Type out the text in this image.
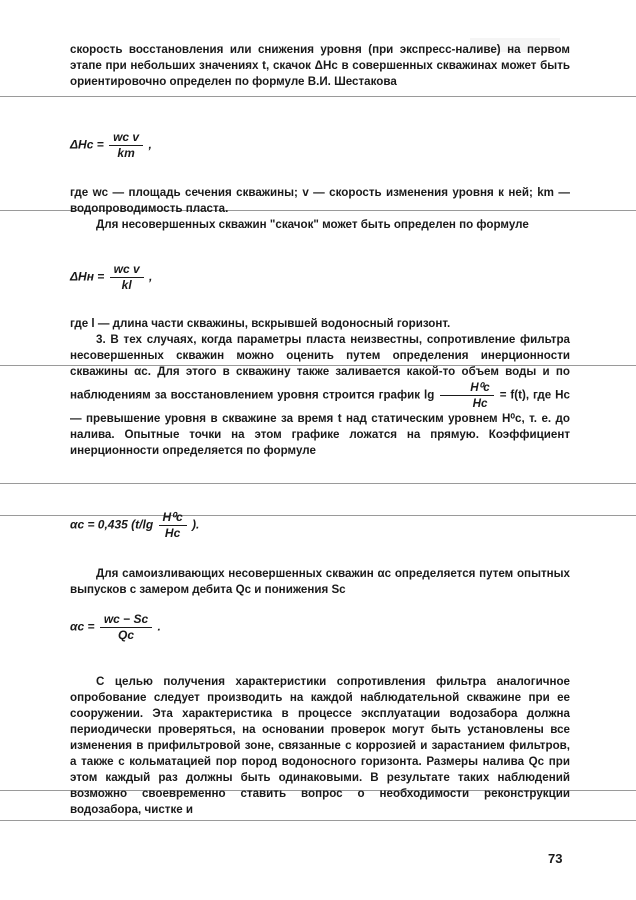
скорость восстановления или снижения уровня (при экспресс-наливе) на первом этапе при небольших значениях t, скачок ΔHc в совершенных скважинах может быть ориентировочно определен по формуле В.И. Шестакова

$\Delta Hc = \frac{\text{wc v}}{km}$ ,

где wc — площадь сечения скважины; v — скорость изменения уровня к ней; km — водопроводимость пласта.

Для несовершенных скважин "скачок" может быть определен по формуле

$\Delta Hн = \frac{\text{wc v}}{kl}$ ,

где l — длина части скважины, вскрывшей водоносный горизонт.

3. В тех случаях, когда параметры пласта неизвестны, сопротивление фильтра несовершенных скважин можно оценить путем определения инерционности скважины αc. Для этого в скважину также заливается какой-то объем воды и по наблюдениям за восстановлением уровня строится график $\lg \frac{\text{H⁰c}}{Hc} = f(t)$, где Hc — превышение уровня в скважине за время t над статическим уровнем H⁰c, т. е. до налива. Опытные точки на этом графике ложатся на прямую. Коэффициент инерционности определяется по формуле

αc = 0,435 ($t/\lg \frac{\text{H⁰c}}{Hc}$ ).

Для самоизливающих несовершенных скважин αc определяется путем опытных выпусков с замером дебита Qc и понижения Sc

$\alpha c = \frac{wc - Sc}{Qc}$ .

С целью получения характеристики сопротивления фильтра аналогичное опробование следует производить на каждой наблюдательной скважине при ее сооружении. Эта характеристика в процессе эксплуатации водозабора должна периодически проверяться, на основании проверок могут быть установлены все изменения в прифильтровой зоне, связанные с коррозией и зарастанием фильтров, а также с кольматацией пор пород водоносного горизонта. Размеры налива Qc при этом каждый раз должны быть одинаковыми. В результате таких наблюдений возможно своевременно ставить вопрос о необходимости реконструкции водозабора, чистке и

73
